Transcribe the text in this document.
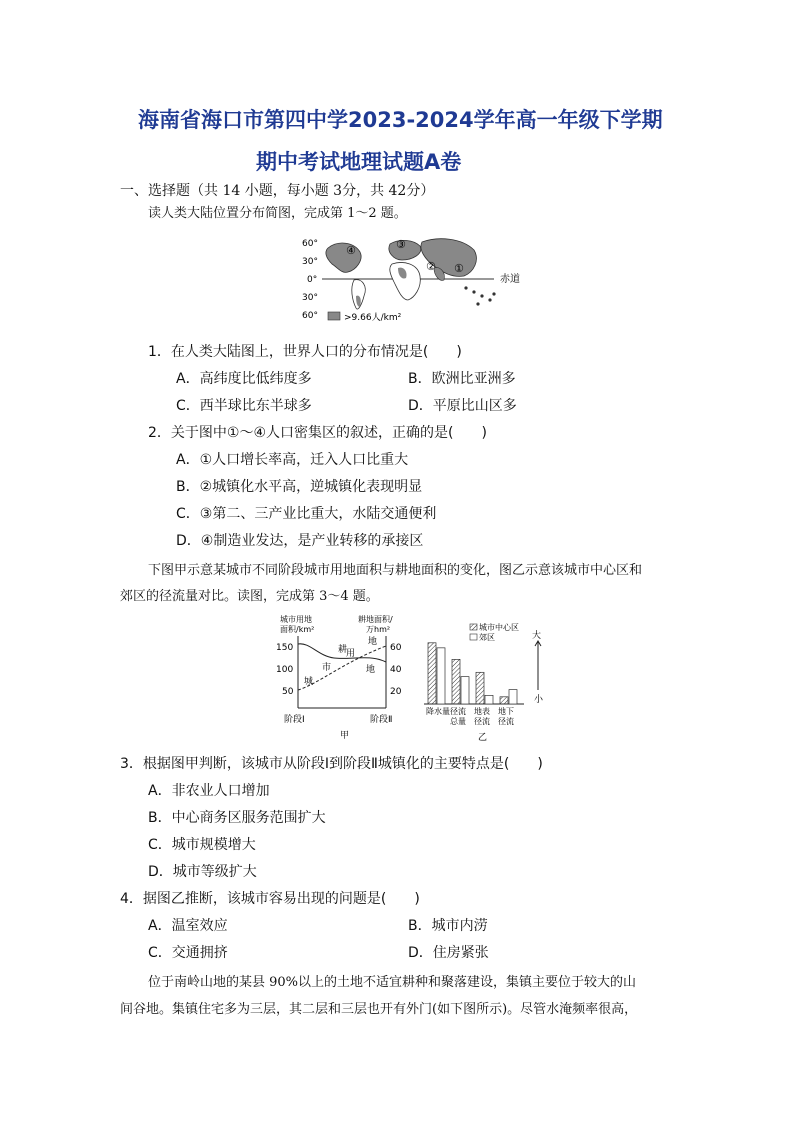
海南省海口市第四中学2023-2024学年高一年级下学期
期中考试地理试题A卷
一、选择题（共 14 小题，每小题 3分，共 42分）
读人类大陆位置分布简图，完成第 1～2 题。
60°
30°
0°
30°
60°
赤道
④	③
② ①
>9.66人/km²
1．在人类大陆图上，世界人口的分布情况是(　　)
A．高纬度比低纬度多	B．欧洲比亚洲多
C．西半球比东半球多	D．平原比山区多
2．关于图中①～④人口密集区的叙述，正确的是(　　)
A．①人口增长率高，迁入人口比重大
B．②城镇化水平高，逆城镇化表现明显
C．③第二、三产业比重大，水陆交通便利
D．④制造业发达，是产业转移的承接区
下图甲示意某城市不同阶段城市用地面积与耕地面积的变化，图乙示意该城市中心区和
郊区的径流量对比。读图，完成第 3～4 题。
城市用地
面积/km²
耕地面积/
万hm²
150
100
50
60
40
20
耕
地
城
市
用
地
阶段Ⅰ	阶段Ⅱ
甲
城市中心区
郊区	大
小
降水量 径流
总量
地表
径流
地下
径流
乙
3．根据图甲判断，该城市从阶段Ⅰ到阶段Ⅱ城镇化的主要特点是(　　)
A．非农业人口增加
B．中心商务区服务范围扩大
C．城市规模增大
D．城市等级扩大
4．据图乙推断，该城市容易出现的问题是(　　)
A．温室效应	B．城市内涝
C．交通拥挤	D．住房紧张
位于南岭山地的某县 90%以上的土地不适宜耕种和聚落建设，集镇主要位于较大的山
间谷地。集镇住宅多为三层，其二层和三层也开有外门(如下图所示)。尽管水淹频率很高，
